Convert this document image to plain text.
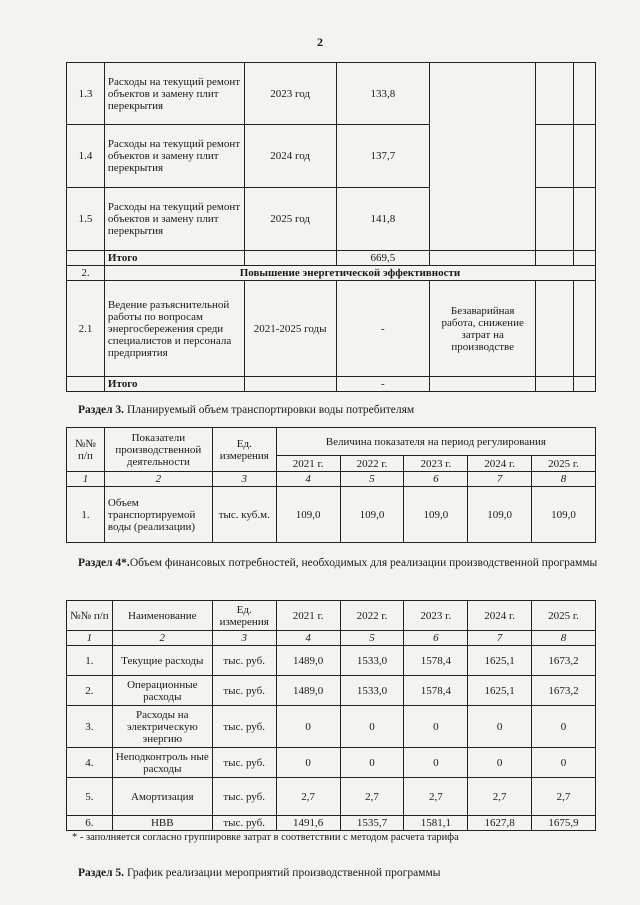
2
1.3	Расходы на текущий ремонт объектов и замену плит перекрытия	2023 год	133,8			
1.4	Расходы на текущий ремонт объектов и замену плит перекрытия	2024 год	137,7			
1.5	Расходы на текущий ремонт объектов и замену плит перекрытия	2025 год	141,8			
	Итого		669,5			
2.	Повышение энергетической эффективности					
2.1	Ведение разъяснительной работы по вопросам энергосбережения среди специалистов и персонала предприятия	2021-2025 годы	-	Безаварийная работа, снижение затрат на производстве		
	Итого		-			
Раздел 3. Планируемый объем транспортировки воды потребителям
№№ п/п	Показатели производственной деятельности	Ед. измерения	Величина показателя на период регулирования				
			2021 г.	2022 г.	2023 г.	2024 г.	2025 г.
1	2	3	4	5	6	7	8
1.	Объем транспортируемой воды (реализации)	тыс. куб.м.	109,0	109,0	109,0	109,0	109,0
Раздел 4*.Объем финансовых потребностей, необходимых для реализации производственной программы
№№ п/п	Наименование	Ед. измерения	2021 г.	2022 г.	2023 г.	2024 г.	2025 г.
1	2	3	4	5	6	7	8
1.	Текущие расходы	тыс. руб.	1489,0	1533,0	1578,4	1625,1	1673,2
2.	Операционные расходы	тыс. руб.	1489,0	1533,0	1578,4	1625,1	1673,2
3.	Расходы на электрическую энергию	тыс. руб.	0	0	0	0	0
4.	Неподконтроль ные расходы	тыс. руб.	0	0	0	0	0
5.	Амортизация	тыс. руб.	2,7	2,7	2,7	2,7	2,7
6.	НВВ	тыс. руб.	1491,6	1535,7	1581,1	1627,8	1675,9
* - заполняется согласно группировке затрат в соответствии с методом расчета тарифа
Раздел 5. График реализации мероприятий производственной программы
